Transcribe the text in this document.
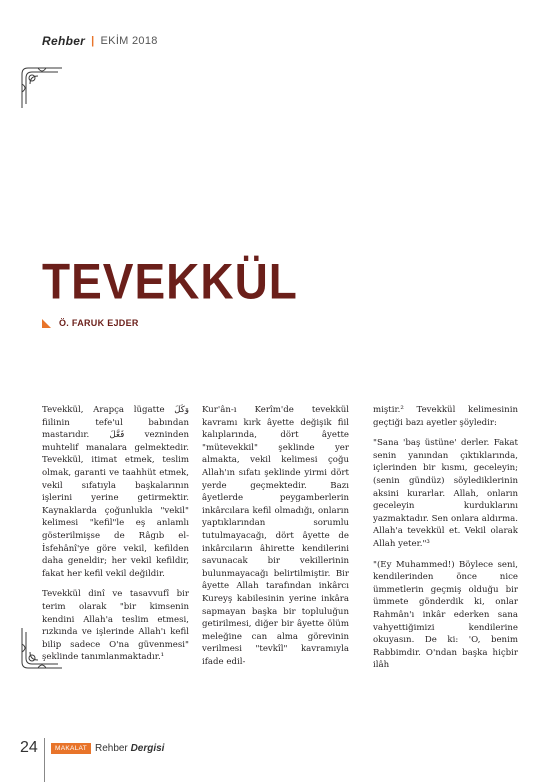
Rehber | EKİM 2018
TEVEKKÜL
Ö. FARUK EJDER

Tevekkül, Arapça lügatte وَكَلَ fiilinin tefe'ul babından mastarıdır. فَعَّلَ vezninden muhtelif manalara gelmektedir. Tevekkül, itimat etmek, teslim olmak, garanti ve taahhüt etmek, vekil sıfatıyla başkalarının işlerini yerine getirmektir. Kaynaklarda çoğunlukla "vekil" kelimesi "kefil"le eş anlamlı gösterilmişse de Râgıb el-İsfehânî'ye göre vekil, kefilden daha geneldir; her vekil kefildir, fakat her kefil vekil değildir.

Tevekkül dinî ve tasavvufî bir terim olarak "bir kimsenin kendini Allah'a teslim etmesi, rızkında ve işlerinde Allah'ı kefil bilip sadece O'na güvenmesi" şeklinde tanımlanmaktadır.¹

Kur'ân-ı Kerîm'de tevekkül kavramı kırk âyette değişik fiil kalıplarında, dört âyette "mütevekkil" şeklinde yer almakta, vekil kelimesi çoğu Allah'ın sıfatı şeklinde yirmi dört yerde geçmektedir. Bazı âyetlerde peygamberlerin inkârcılara kefil olmadığı, onların yaptıklarından sorumlu tutulmayacağı, dört âyette de inkârcıların âhirette kendilerini savunacak bir vekillerinin bulunmayacağı belirtilmiştir. Bir âyette Allah tarafından inkârcı Kureyş kabilesinin yerine inkâra sapmayan başka bir topluluğun getirilmesi, diğer bir âyette ölüm meleğine can alma görevinin verilmesi "tevkîl" kavramıyla ifade edil-

miştir.² Tevekkül kelimesinin geçtiği bazı ayetler şöyledir:

"Sana 'baş üstüne' derler. Fakat senin yanından çıktıklarında, içlerinden bir kısmı, geceleyin; (senin gündüz) söylediklerinin aksini kurarlar. Allah, onların geceleyin kurduklarını yazmaktadır. Sen onlara aldırma. Allah'a tevekkül et. Vekil olarak Allah yeter."³

"(Ey Muhammed!) Böylece seni, kendilerinden önce nice ümmetlerin geçmiş olduğu bir ümmete gönderdik ki, onlar Rahmân'ı inkâr ederken sana vahyettiğimizi kendilerine okuyasın. De ki: 'O, benim Rabbimdir. O'ndan başka hiçbir ilâh

24	MAKALAT Rehber Dergisi
